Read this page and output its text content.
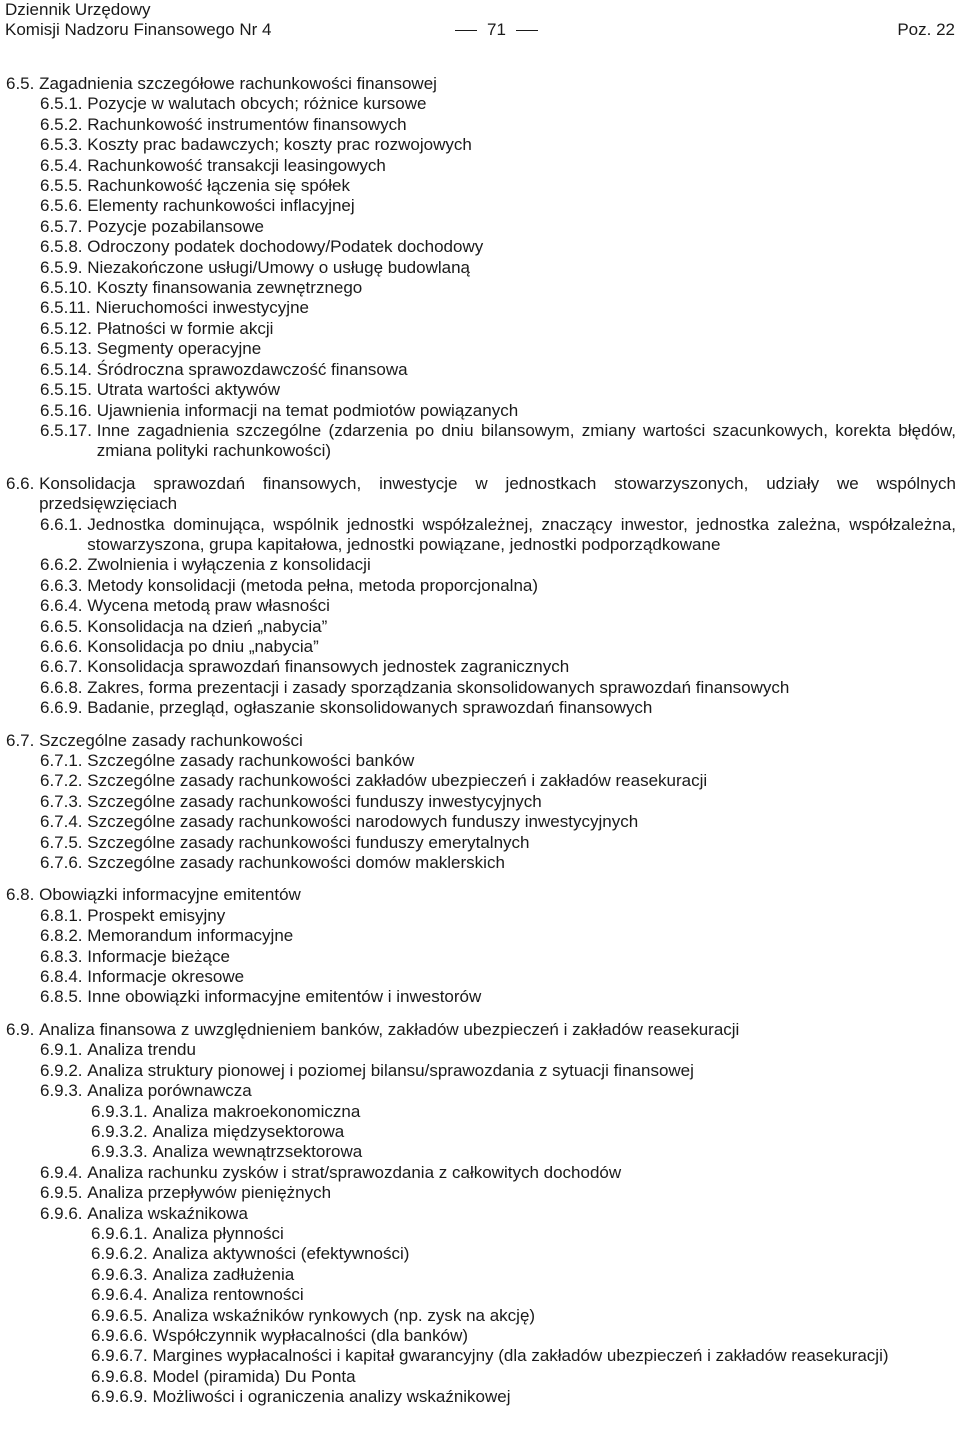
Dziennik Urzędowy
Komisji Nadzoru Finansowego Nr 4	71	Poz. 22
6.5. Zagadnienia szczegółowe rachunkowości finansowej
6.5.1. Pozycje w walutach obcych; różnice kursowe
6.5.2. Rachunkowość instrumentów finansowych
6.5.3. Koszty prac badawczych; koszty prac rozwojowych
6.5.4. Rachunkowość transakcji leasingowych
6.5.5. Rachunkowość łączenia się spółek
6.5.6. Elementy rachunkowości inflacyjnej
6.5.7. Pozycje pozabilansowe
6.5.8. Odroczony podatek dochodowy/Podatek dochodowy
6.5.9. Niezakończone usługi/Umowy o usługę budowlaną
6.5.10. Koszty finansowania zewnętrznego
6.5.11. Nieruchomości inwestycyjne
6.5.12. Płatności w formie akcji
6.5.13. Segmenty operacyjne
6.5.14. Śródroczna sprawozdawczość finansowa
6.5.15. Utrata wartości aktywów
6.5.16. Ujawnienia informacji na temat podmiotów powiązanych
6.5.17. Inne zagadnienia szczególne (zdarzenia po dniu bilansowym, zmiany wartości szacunkowych, korekta błędów, zmiana polityki rachunkowości)
6.6. Konsolidacja sprawozdań finansowych, inwestycje w jednostkach stowarzyszonych, udziały we wspólnych przedsięwzięciach
6.6.1. Jednostka dominująca, wspólnik jednostki współzależnej, znaczący inwestor, jednostka zależna, współzależna, stowarzyszona, grupa kapitałowa, jednostki powiązane, jednostki podporządkowane
6.6.2. Zwolnienia i wyłączenia z konsolidacji
6.6.3. Metody konsolidacji (metoda pełna, metoda proporcjonalna)
6.6.4. Wycena metodą praw własności
6.6.5. Konsolidacja na dzień „nabycia”
6.6.6. Konsolidacja po dniu „nabycia”
6.6.7. Konsolidacja sprawozdań finansowych jednostek zagranicznych
6.6.8. Zakres, forma prezentacji i zasady sporządzania skonsolidowanych sprawozdań finansowych
6.6.9. Badanie, przegląd, ogłaszanie skonsolidowanych sprawozdań finansowych
6.7. Szczególne zasady rachunkowości
6.7.1. Szczególne zasady rachunkowości banków
6.7.2. Szczególne zasady rachunkowości zakładów ubezpieczeń i zakładów reasekuracji
6.7.3. Szczególne zasady rachunkowości funduszy inwestycyjnych
6.7.4. Szczególne zasady rachunkowości narodowych funduszy inwestycyjnych
6.7.5. Szczególne zasady rachunkowości funduszy emerytalnych
6.7.6. Szczególne zasady rachunkowości domów maklerskich
6.8. Obowiązki informacyjne emitentów
6.8.1. Prospekt emisyjny
6.8.2. Memorandum informacyjne
6.8.3. Informacje bieżące
6.8.4. Informacje okresowe
6.8.5. Inne obowiązki informacyjne emitentów i inwestorów
6.9. Analiza finansowa z uwzględnieniem banków, zakładów ubezpieczeń i zakładów reasekuracji
6.9.1. Analiza trendu
6.9.2. Analiza struktury pionowej i poziomej bilansu/sprawozdania z sytuacji finansowej
6.9.3. Analiza porównawcza
6.9.3.1. Analiza makroekonomiczna
6.9.3.2. Analiza międzysektorowa
6.9.3.3. Analiza wewnątrzsektorowa
6.9.4. Analiza rachunku zysków i strat/sprawozdania z całkowitych dochodów
6.9.5. Analiza przepływów pieniężnych
6.9.6. Analiza wskaźnikowa
6.9.6.1. Analiza płynności
6.9.6.2. Analiza aktywności (efektywności)
6.9.6.3. Analiza zadłużenia
6.9.6.4. Analiza rentowności
6.9.6.5. Analiza wskaźników rynkowych (np. zysk na akcję)
6.9.6.6. Współczynnik wypłacalności (dla banków)
6.9.6.7. Margines wypłacalności i kapitał gwarancyjny (dla zakładów ubezpieczeń i zakładów reasekuracji)
6.9.6.8. Model (piramida) Du Ponta
6.9.6.9. Możliwości i ograniczenia analizy wskaźnikowej
